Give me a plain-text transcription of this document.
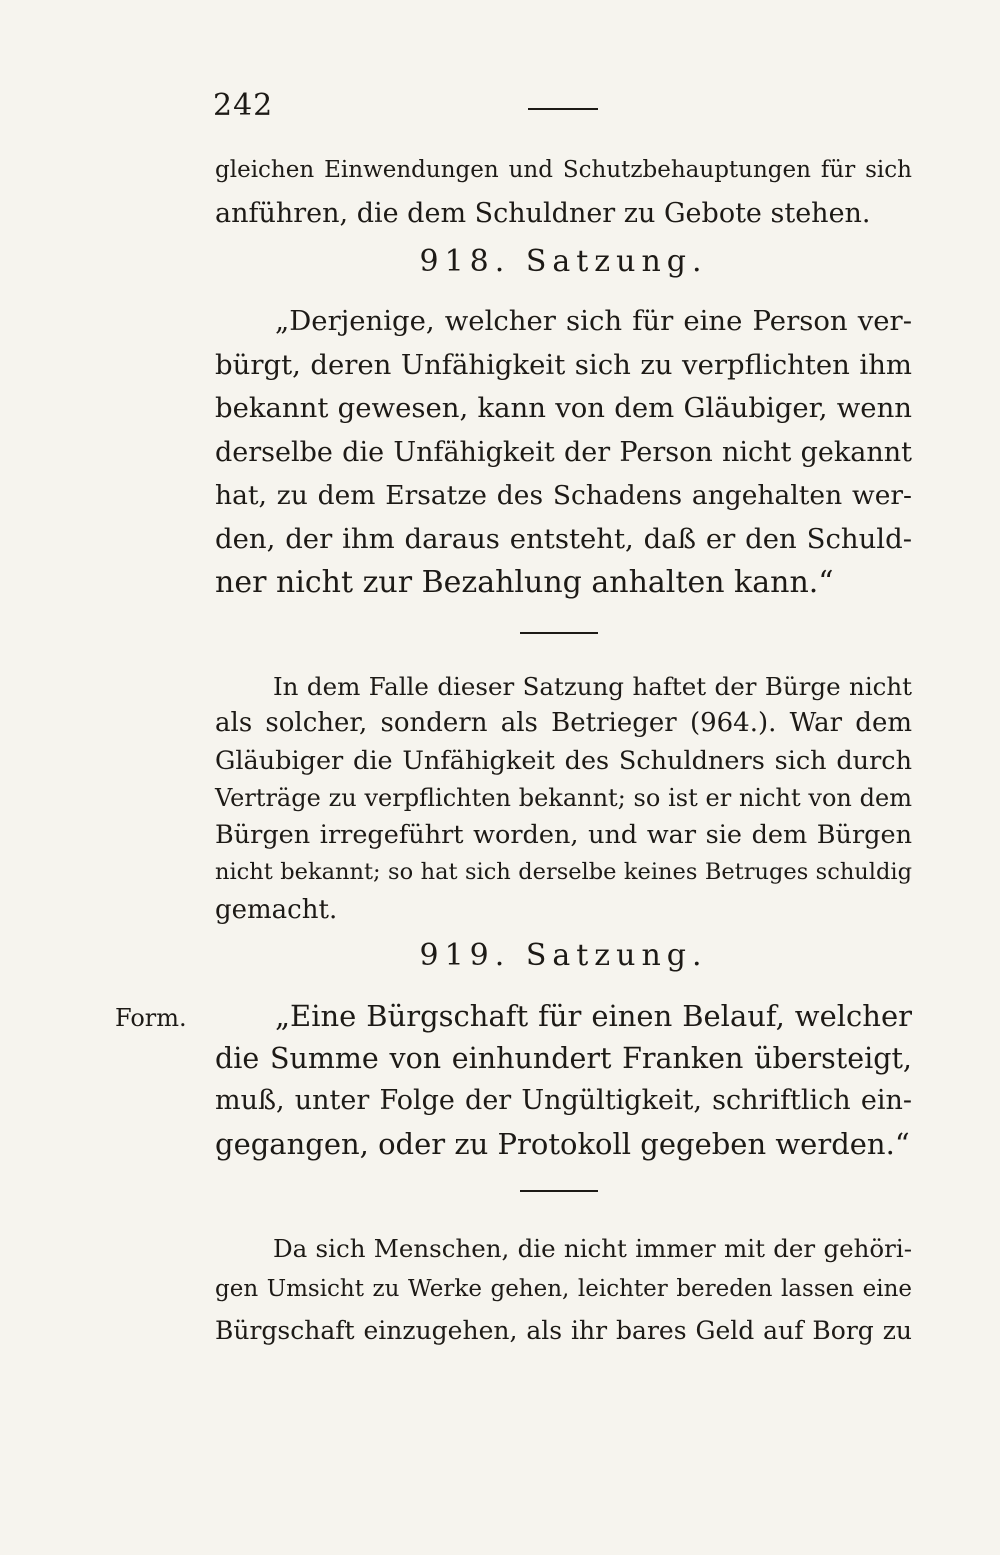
242
gleichen Einwendungen und Schutzbehauptungen für sich
anführen, die dem Schuldner zu Gebote stehen.
918. Satzung.
„Derjenige, welcher sich für eine Person ver-
bürgt, deren Unfähigkeit sich zu verpflichten ihm
bekannt gewesen, kann von dem Gläubiger, wenn
derselbe die Unfähigkeit der Person nicht gekannt
hat, zu dem Ersatze des Schadens angehalten wer-
den, der ihm daraus entsteht, daß er den Schuld-
ner nicht zur Bezahlung anhalten kann.“
In dem Falle dieser Satzung haftet der Bürge nicht
als solcher, sondern als Betrieger (964.). War dem
Gläubiger die Unfähigkeit des Schuldners sich durch
Verträge zu verpflichten bekannt; so ist er nicht von dem
Bürgen irregeführt worden, und war sie dem Bürgen
nicht bekannt; so hat sich derselbe keines Betruges schuldig
gemacht.
919. Satzung.
Form.	„Eine Bürgschaft für einen Belauf, welcher
die Summe von einhundert Franken übersteigt,
muß, unter Folge der Ungültigkeit, schriftlich ein-
gegangen, oder zu Protokoll gegeben werden.“
Da sich Menschen, die nicht immer mit der gehöri-
gen Umsicht zu Werke gehen, leichter bereden lassen eine
Bürgschaft einzugehen, als ihr bares Geld auf Borg zu
